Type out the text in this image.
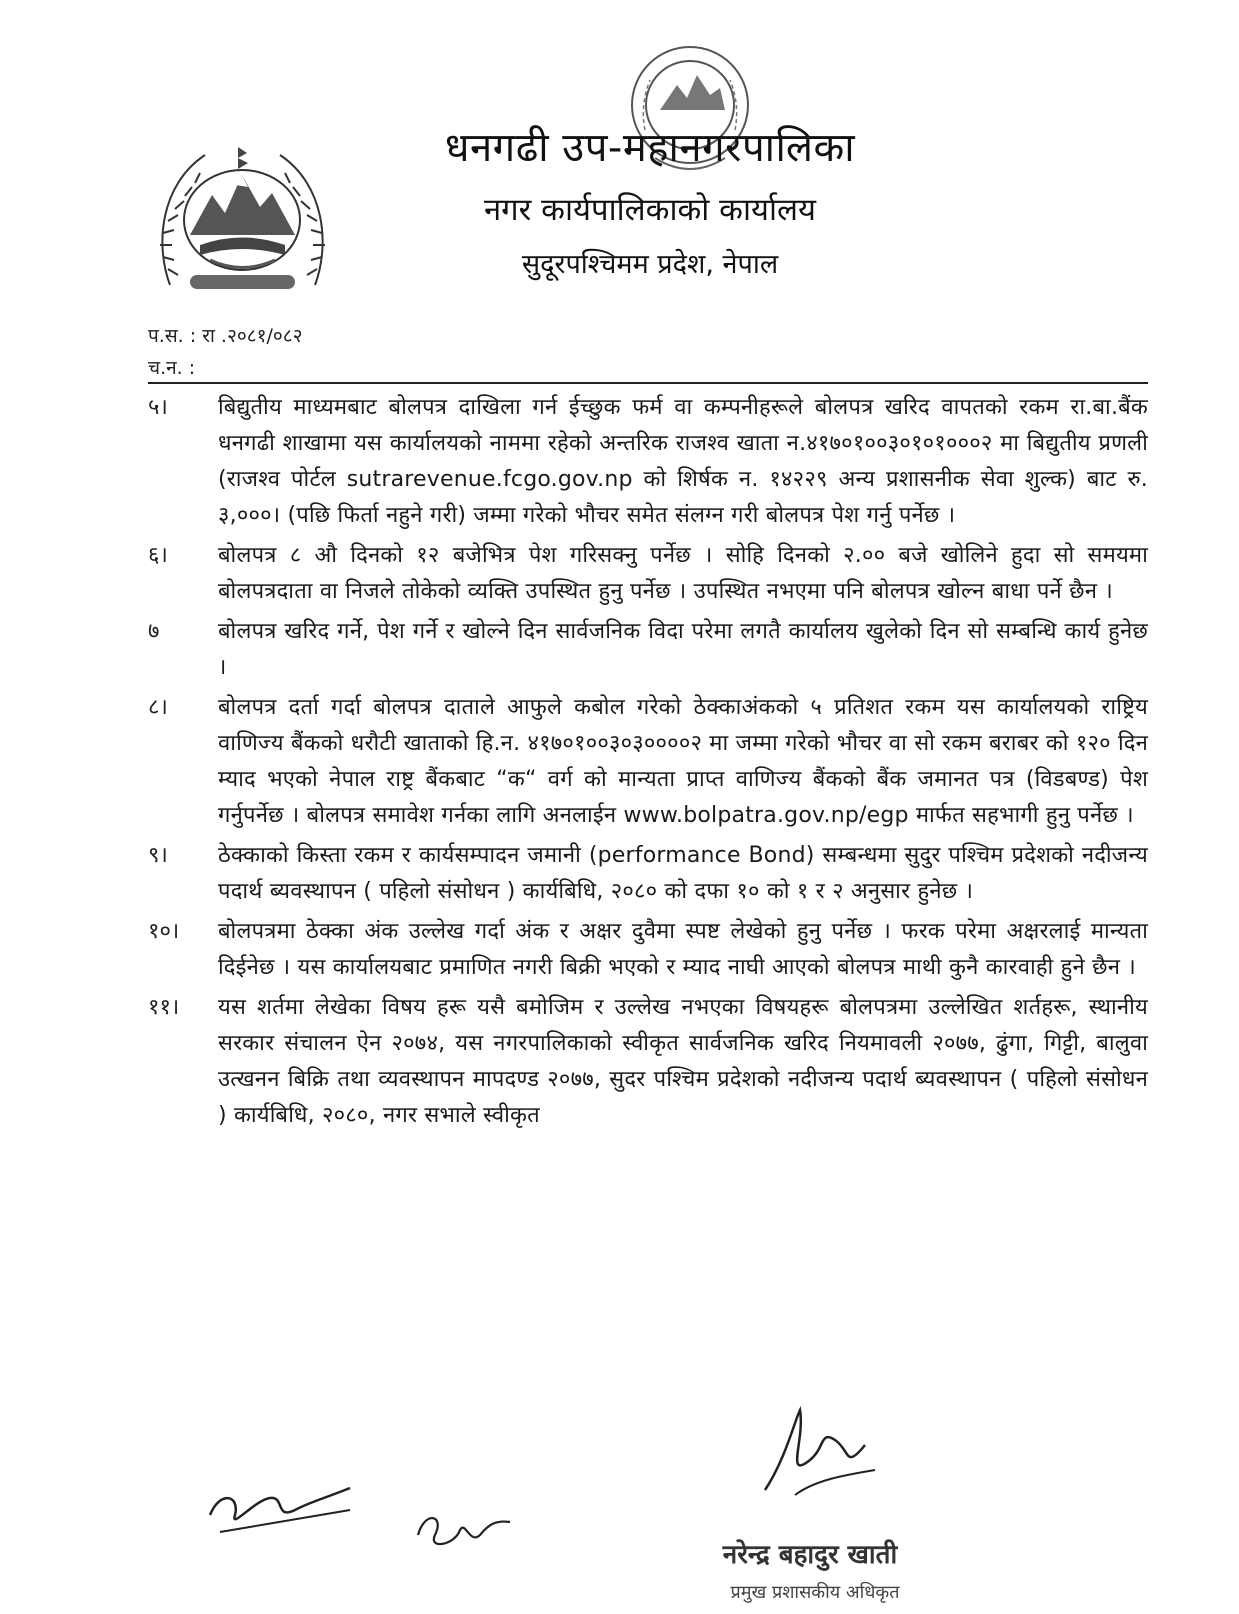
धनगढी उप-महानगरपालिका
नगर कार्यपालिकाको कार्यालय
सुदूरपश्चिमम प्रदेश, नेपाल
प.स. : रा .२०८१/०८२
च.न. :
५।	बिद्युतीय माध्यमबाट बोलपत्र दाखिला गर्न ईच्छुक फर्म वा कम्पनीहरूले बोलपत्र खरिद वापतको रकम रा.बा.बैंक धनगढी शाखामा यस कार्यालयको नाममा रहेको अन्तरिक राजश्व खाता न.४१७०१००३०१०१०००२ मा बिद्युतीय प्रणली (राजश्व पोर्टल sutrarevenue.fcgo.gov.np को शिर्षक न. १४२२९ अन्य प्रशासनीक सेवा शुल्क) बाट रु. ३,०००। (पछि फिर्ता नहुने गरी) जम्मा गरेको भौचर समेत संलग्न गरी बोलपत्र पेश गर्नु पर्नेछ ।
६।	बोलपत्र ८ औ दिनको १२ बजेभित्र पेश गरिसक्नु पर्नेछ । सोहि दिनको २.०० बजे खोलिने हुदा सो समयमा बोलपत्रदाता वा निजले तोकेको व्यक्ति उपस्थित हुनु पर्नेछ । उपस्थित नभएमा पनि बोलपत्र खोल्न बाधा पर्ने छैन ।
७	बोलपत्र खरिद गर्ने, पेश गर्ने र खोल्ने दिन सार्वजनिक विदा परेमा लगतै कार्यालय खुलेको दिन सो सम्बन्धि कार्य हुनेछ ।
८।	बोलपत्र दर्ता गर्दा बोलपत्र दाताले आफुले कबोल गरेको ठेक्काअंकको ५ प्रतिशत रकम यस कार्यालयको राष्ट्रिय वाणिज्य बैंकको धरौटी खाताको हि.न. ४१७०१००३०३००००२ मा जम्मा गरेको भौचर वा सो रकम बराबर को १२० दिन म्याद भएको नेपाल राष्ट्र बैंकबाट “क“ वर्ग को मान्यता प्राप्त वाणिज्य बैंकको बैंक जमानत पत्र (विडबण्ड) पेश गर्नुपर्नेछ । बोलपत्र समावेश गर्नका लागि अनलाईन www.bolpatra.gov.np/egp मार्फत सहभागी हुनु पर्नेछ ।
९।	ठेक्काको किस्ता रकम र कार्यसम्पादन जमानी (performance Bond) सम्बन्धमा सुदुर पश्चिम प्रदेशको नदीजन्य पदार्थ ब्यवस्थापन ( पहिलो संसोधन ) कार्यबिधि, २०८० को दफा १० को १ र २ अनुसार हुनेछ ।
१०।	बोलपत्रमा ठेक्का अंक उल्लेख गर्दा अंक र अक्षर दुवैमा स्पष्ट लेखेको हुनु पर्नेछ । फरक परेमा अक्षरलाई मान्यता दिईनेछ । यस कार्यालयबाट प्रमाणित नगरी बिक्री भएको र म्याद नाघी आएको बोलपत्र माथी कुनै कारवाही हुने छैन ।
११।	यस शर्तमा लेखेका विषय हरू यसै बमोजिम र उल्लेख नभएका विषयहरू बोलपत्रमा उल्लेखित शर्तहरू, स्थानीय सरकार संचालन ऐन २०७४, यस नगरपालिकाको स्वीकृत सार्वजनिक खरिद नियमावली २०७७, ढुंगा, गिट्टी, बालुवा उत्खनन बिक्रि तथा व्यवस्थापन मापदण्ड २०७७, सुदर पश्चिम प्रदेशको नदीजन्य पदार्थ ब्यवस्थापन ( पहिलो संसोधन ) कार्यबिधि, २०८०, नगर सभाले स्वीकृत
नरेन्द्र बहादुर खाती
प्रमुख प्रशासकीय अधिकृत
